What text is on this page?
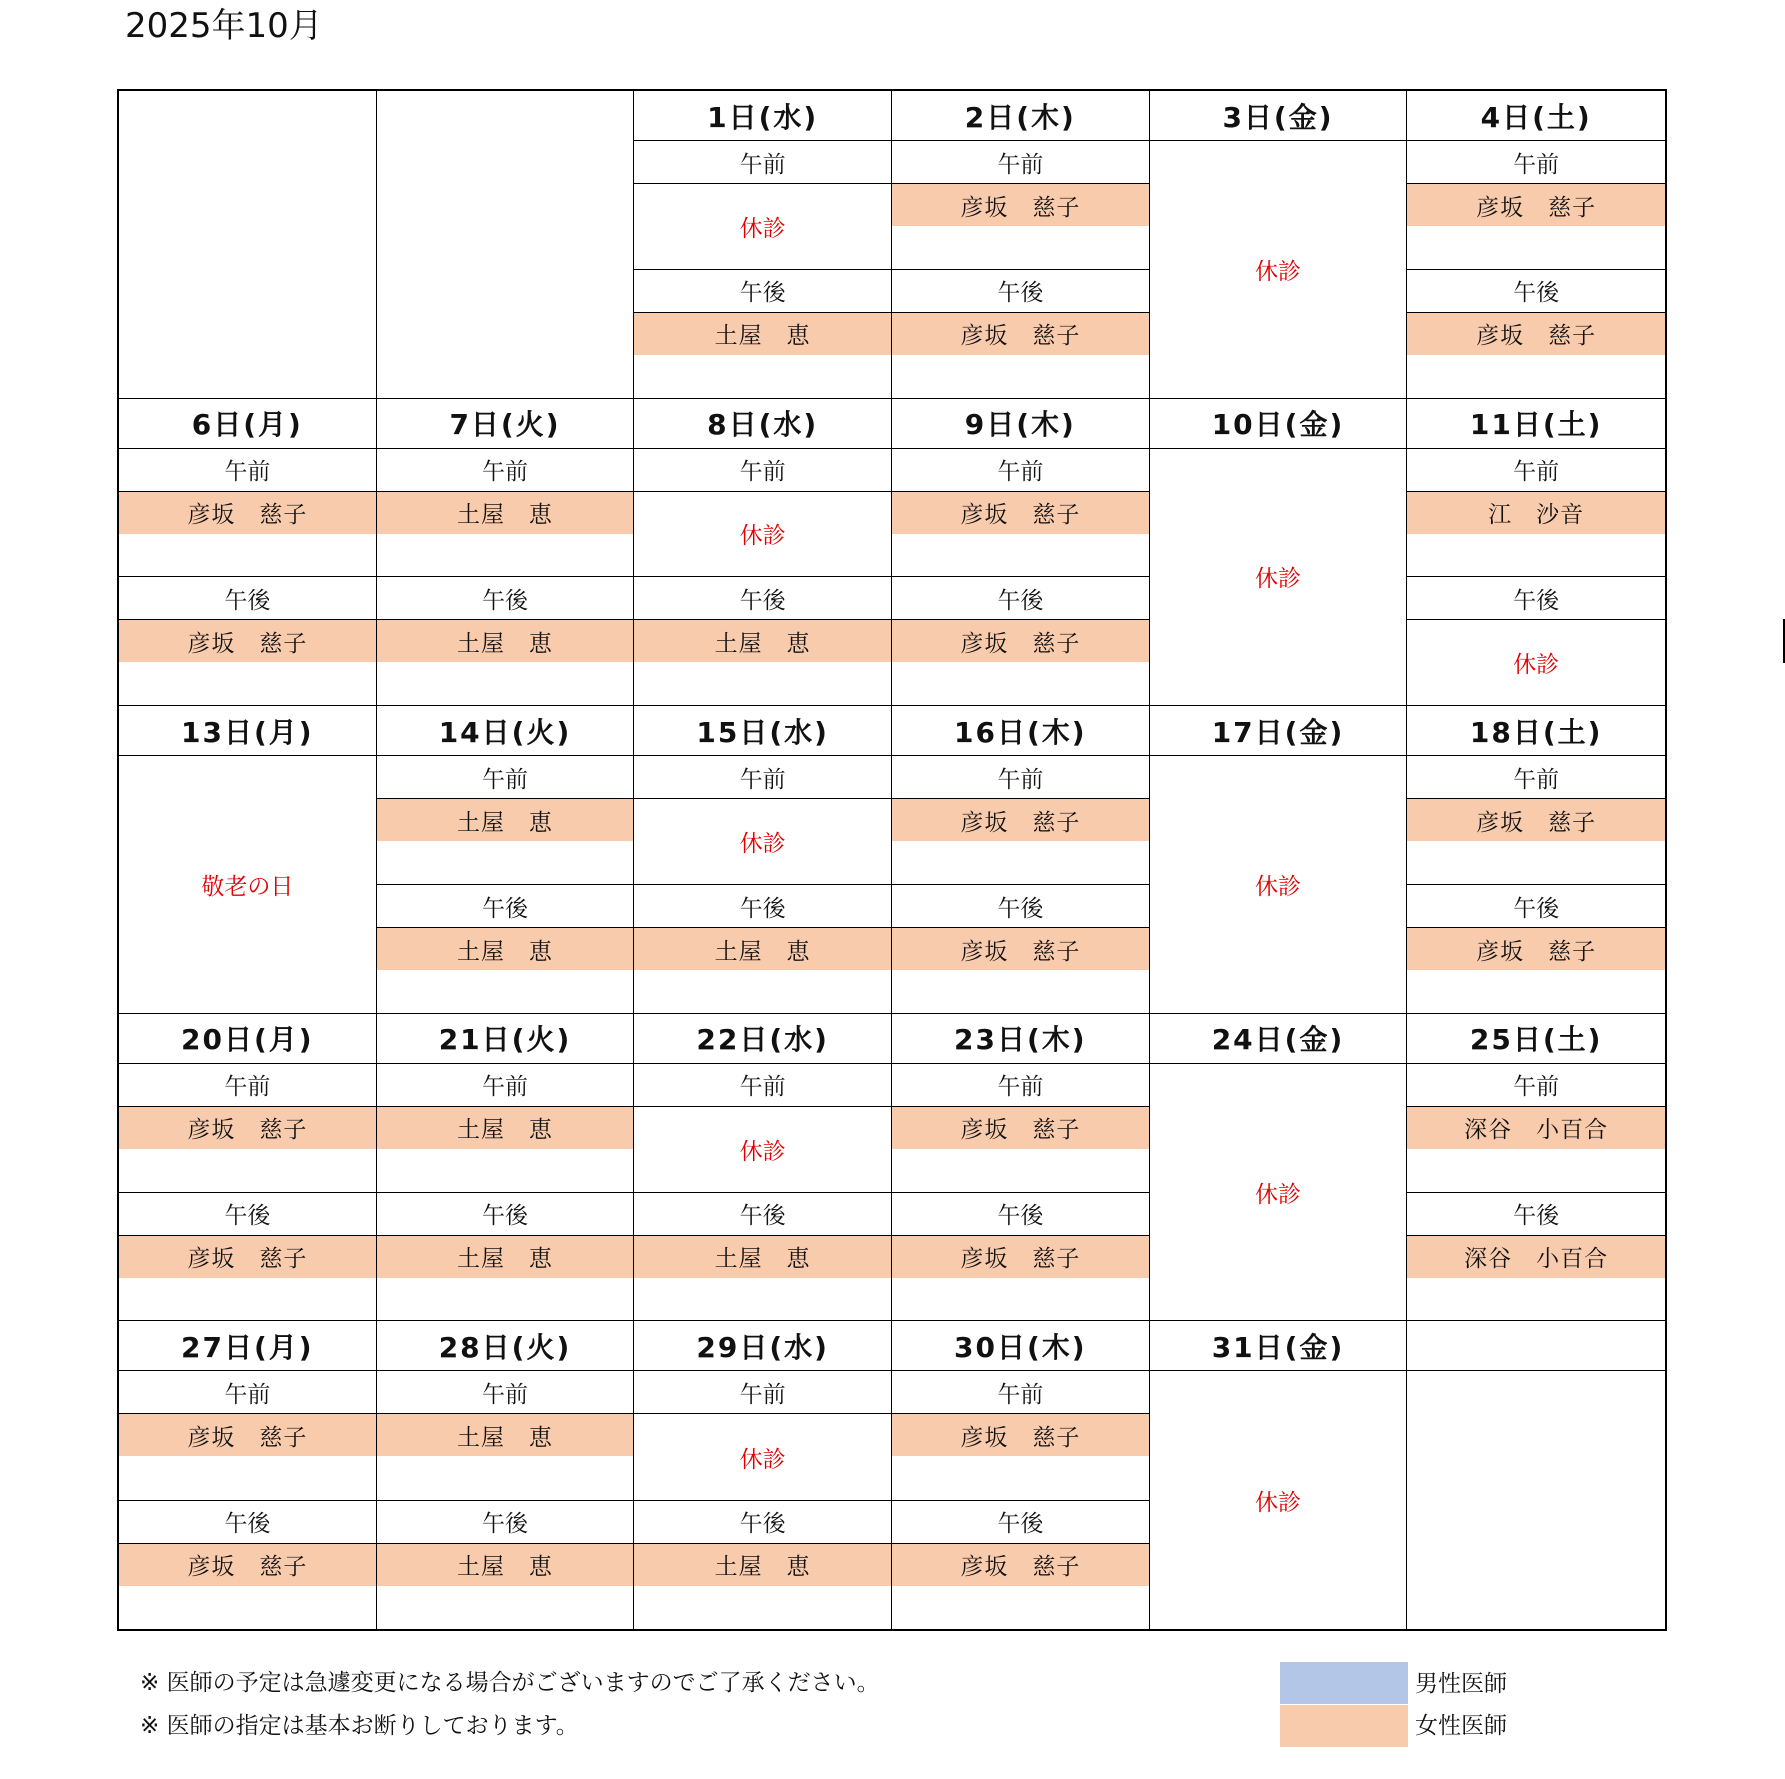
2025年10月
1日(水)
午前
休診
午後
土屋　恵
2日(木)
午前
彦坂　慈子
午後
彦坂　慈子
3日(金)
休診
4日(土)
午前
彦坂　慈子
午後
彦坂　慈子
6日(月)
午前
彦坂　慈子
午後
彦坂　慈子
7日(火)
午前
土屋　恵
午後
土屋　恵
8日(水)
午前
休診
午後
土屋　恵
9日(木)
午前
彦坂　慈子
午後
彦坂　慈子
10日(金)
休診
11日(土)
午前
江　沙音
午後
休診
13日(月)
敬老の日
14日(火)
午前
土屋　恵
午後
土屋　恵
15日(水)
午前
休診
午後
土屋　恵
16日(木)
午前
彦坂　慈子
午後
彦坂　慈子
17日(金)
休診
18日(土)
午前
彦坂　慈子
午後
彦坂　慈子
20日(月)
午前
彦坂　慈子
午後
彦坂　慈子
21日(火)
午前
土屋　恵
午後
土屋　恵
22日(水)
午前
休診
午後
土屋　恵
23日(木)
午前
彦坂　慈子
午後
彦坂　慈子
24日(金)
休診
25日(土)
午前
深谷　小百合
午後
深谷　小百合
27日(月)
午前
彦坂　慈子
午後
彦坂　慈子
28日(火)
午前
土屋　恵
午後
土屋　恵
29日(水)
午前
休診
午後
土屋　恵
30日(木)
午前
彦坂　慈子
午後
彦坂　慈子
31日(金)
休診
※ 医師の予定は急遽変更になる場合がございますのでご了承ください。
※ 医師の指定は基本お断りしております。
男性医師
女性医師
